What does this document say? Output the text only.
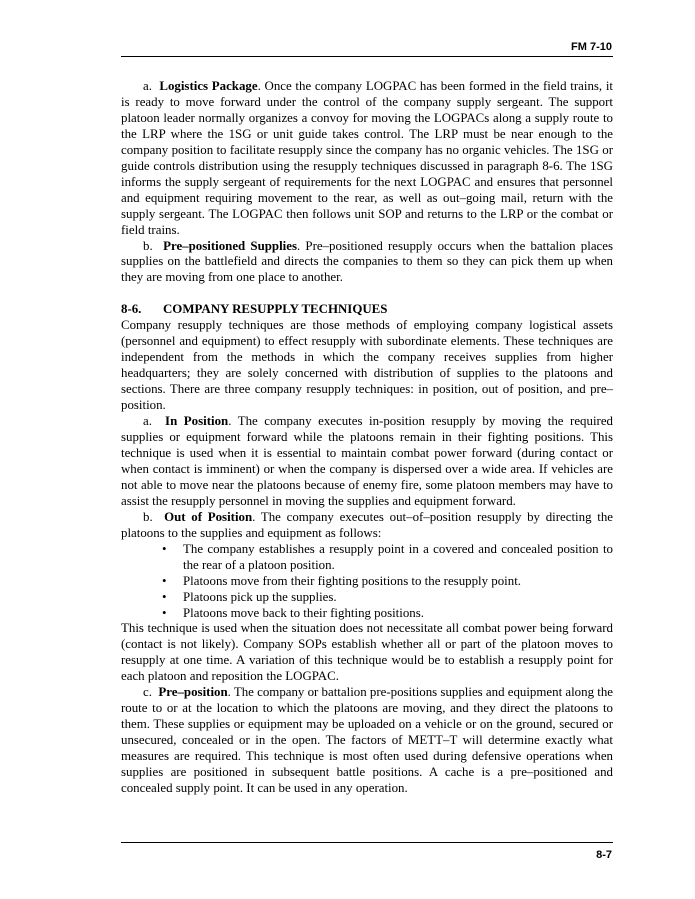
FM 7-10

a. Logistics Package. Once the company LOGPAC has been formed in the field trains, it is ready to move forward under the control of the company supply sergeant. The support platoon leader normally organizes a convoy for moving the LOGPACs along a supply route to the LRP where the 1SG or unit guide takes control. The LRP must be near enough to the company position to facilitate resupply since the company has no organic vehicles. The 1SG or guide controls distribution using the resupply techniques discussed in paragraph 8-6. The 1SG informs the supply sergeant of requirements for the next LOGPAC and ensures that personnel and equipment requiring movement to the rear, as well as out–going mail, return with the supply sergeant. The LOGPAC then follows unit SOP and returns to the LRP or the combat or field trains.

b. Pre–positioned Supplies. Pre–positioned resupply occurs when the battalion places supplies on the battlefield and directs the companies to them so they can pick them up when they are moving from one place to another.

8-6. COMPANY RESUPPLY TECHNIQUES

Company resupply techniques are those methods of employing company logistical assets (personnel and equipment) to effect resupply with subordinate elements. These techniques are independent from the methods in which the company receives supplies from higher headquarters; they are solely concerned with distribution of supplies to the platoons and sections. There are three company resupply techniques: in position, out of position, and pre–position.

a. In Position. The company executes in-position resupply by moving the required supplies or equipment forward while the platoons remain in their fighting positions. This technique is used when it is essential to maintain combat power forward (during contact or when contact is imminent) or when the company is dispersed over a wide area. If vehicles are not able to move near the platoons because of enemy fire, some platoon members may have to assist the resupply personnel in moving the supplies and equipment forward.

b. Out of Position. The company executes out–of–position resupply by directing the platoons to the supplies and equipment as follows:

• The company establishes a resupply point in a covered and concealed position to the rear of a platoon position.
• Platoons move from their fighting positions to the resupply point.
• Platoons pick up the supplies.
• Platoons move back to their fighting positions.

This technique is used when the situation does not necessitate all combat power being forward (contact is not likely). Company SOPs establish whether all or part of the platoon moves to resupply at one time. A variation of this technique would be to establish a resupply point for each platoon and reposition the LOGPAC.

c. Pre–position. The company or battalion pre-positions supplies and equipment along the route to or at the location to which the platoons are moving, and they direct the platoons to them. These supplies or equipment may be uploaded on a vehicle or on the ground, secured or unsecured, concealed or in the open. The factors of METT–T will determine exactly what measures are required. This technique is most often used during defensive operations when supplies are positioned in subsequent battle positions. A cache is a pre–positioned and concealed supply point. It can be used in any operation.

8-7
